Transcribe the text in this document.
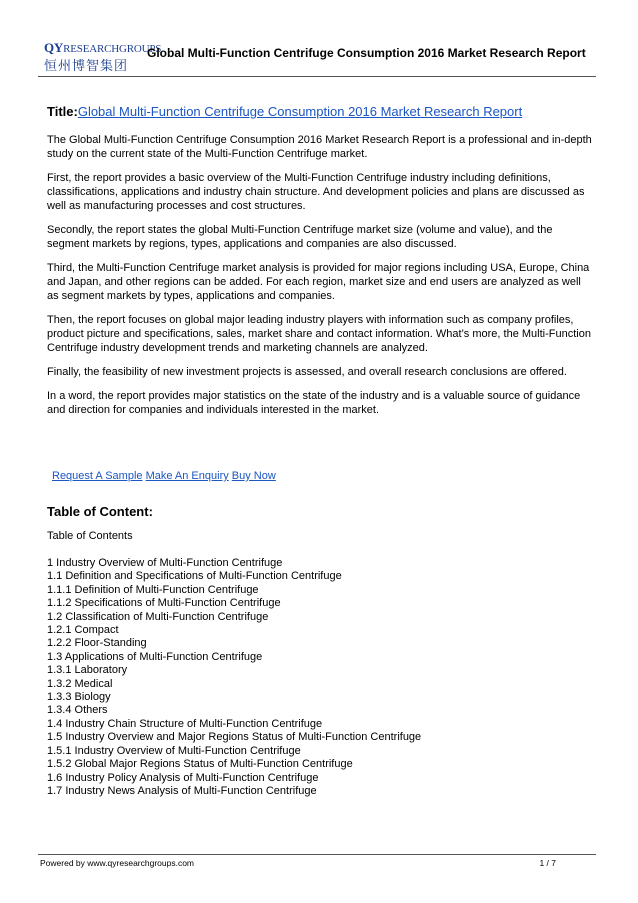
QYRESEARCHGROUPS
恒州博智集团
Global Multi-Function Centrifuge Consumption 2016 Market Research Report
Title:Global Multi-Function Centrifuge Consumption 2016 Market Research Report

The Global Multi-Function Centrifuge Consumption 2016 Market Research Report is a professional and in-depth study on the current state of the Multi-Function Centrifuge market.

First, the report provides a basic overview of the Multi-Function Centrifuge industry including definitions, classifications, applications and industry chain structure. And development policies and plans are discussed as well as manufacturing processes and cost structures.

Secondly, the report states the global Multi-Function Centrifuge market size (volume and value), and the segment markets by regions, types, applications and companies are also discussed.

Third, the Multi-Function Centrifuge market analysis is provided for major regions including USA, Europe, China and Japan, and other regions can be added. For each region, market size and end users are analyzed as well as segment markets by types, applications and companies.

Then, the report focuses on global major leading industry players with information such as company profiles, product picture and specifications, sales, market share and contact information. What’s more, the Multi-Function Centrifuge industry development trends and marketing channels are analyzed.

Finally, the feasibility of new investment projects is assessed, and overall research conclusions are offered.

In a word, the report provides major statistics on the state of the industry and is a valuable source of guidance and direction for companies and individuals interested in the market.

Request A Sample Make An Enquiry Buy Now
Table of Content:
Table of Contents
1 Industry Overview of Multi-Function Centrifuge
1.1 Definition and Specifications of Multi-Function Centrifuge
1.1.1 Definition of Multi-Function Centrifuge
1.1.2 Specifications of Multi-Function Centrifuge
1.2 Classification of Multi-Function Centrifuge
1.2.1 Compact
1.2.2 Floor-Standing
1.3 Applications of Multi-Function Centrifuge
1.3.1 Laboratory
1.3.2 Medical
1.3.3 Biology
1.3.4 Others
1.4 Industry Chain Structure of Multi-Function Centrifuge
1.5 Industry Overview and Major Regions Status of Multi-Function Centrifuge
1.5.1 Industry Overview of Multi-Function Centrifuge
1.5.2 Global Major Regions Status of Multi-Function Centrifuge
1.6 Industry Policy Analysis of Multi-Function Centrifuge
1.7 Industry News Analysis of Multi-Function Centrifuge
Powered by www.qyresearchgroups.com	1 / 7
